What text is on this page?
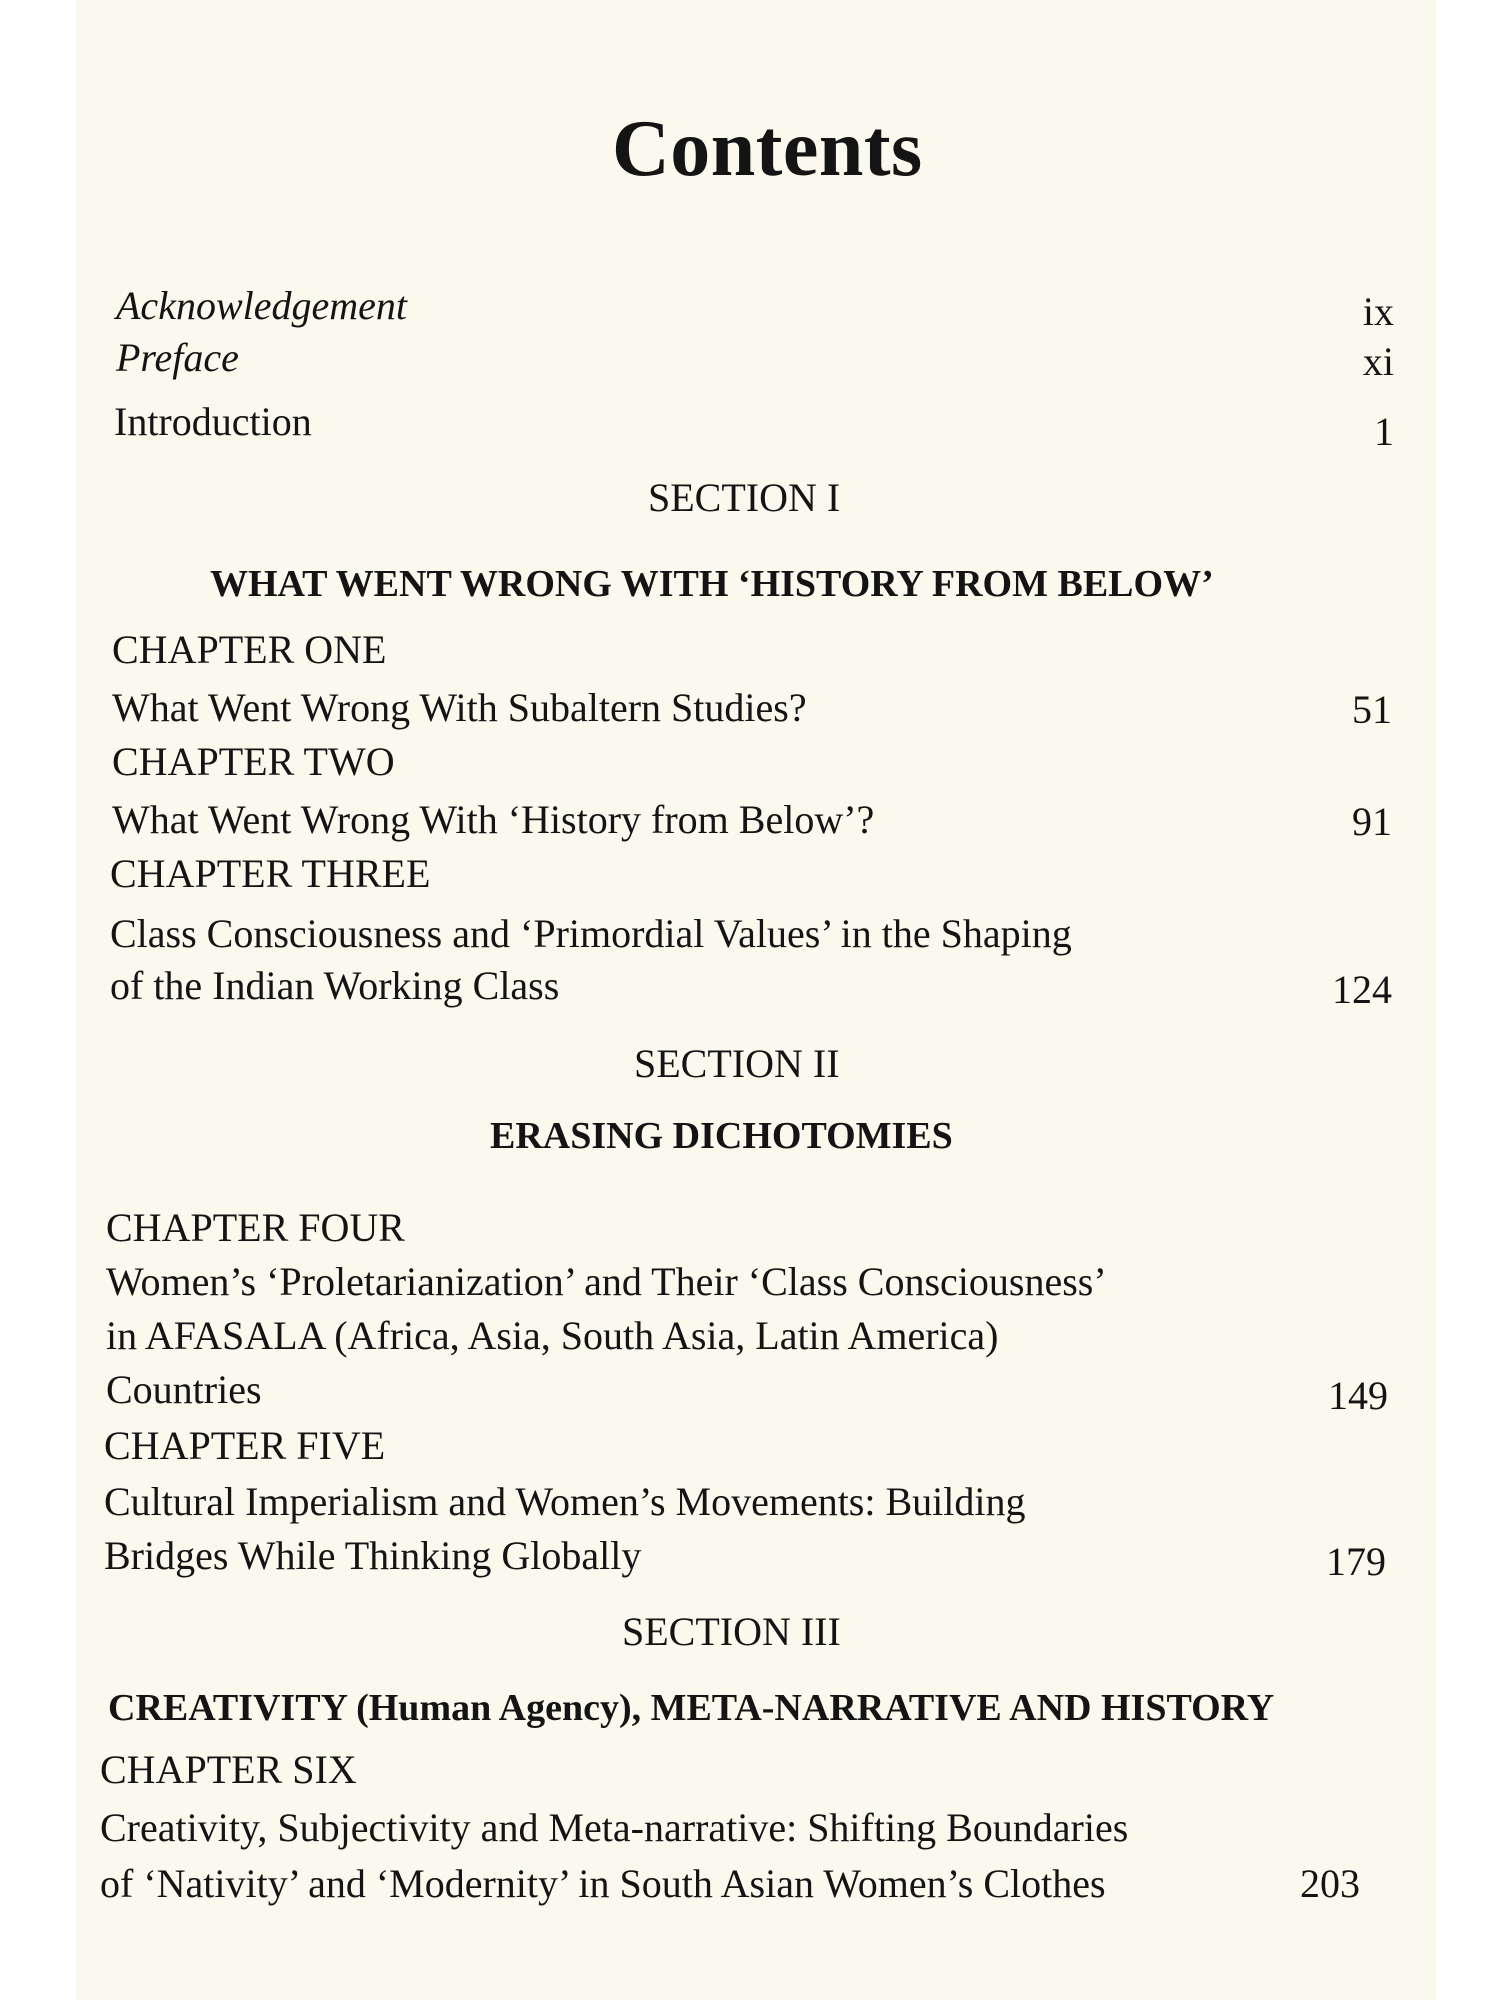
Contents
Acknowledgement	ix
Preface	xi
Introduction	1
SECTION I
WHAT WENT WRONG WITH ‘HISTORY FROM BELOW’
CHAPTER ONE
What Went Wrong With Subaltern Studies?	51
CHAPTER TWO
What Went Wrong With ‘History from Below’?	91
CHAPTER THREE
Class Consciousness and ‘Primordial Values’ in the Shaping
of the Indian Working Class	124
SECTION II
ERASING DICHOTOMIES
CHAPTER FOUR
Women’s ‘Proletarianization’ and Their ‘Class Consciousness’
in AFASALA (Africa, Asia, South Asia, Latin America)
Countries	149
CHAPTER FIVE
Cultural Imperialism and Women’s Movements: Building
Bridges While Thinking Globally	179
SECTION III
CREATIVITY (Human Agency), META-NARRATIVE AND HISTORY
CHAPTER SIX
Creativity, Subjectivity and Meta-narrative: Shifting Boundaries
of ‘Nativity’ and ‘Modernity’ in South Asian Women’s Clothes	203
